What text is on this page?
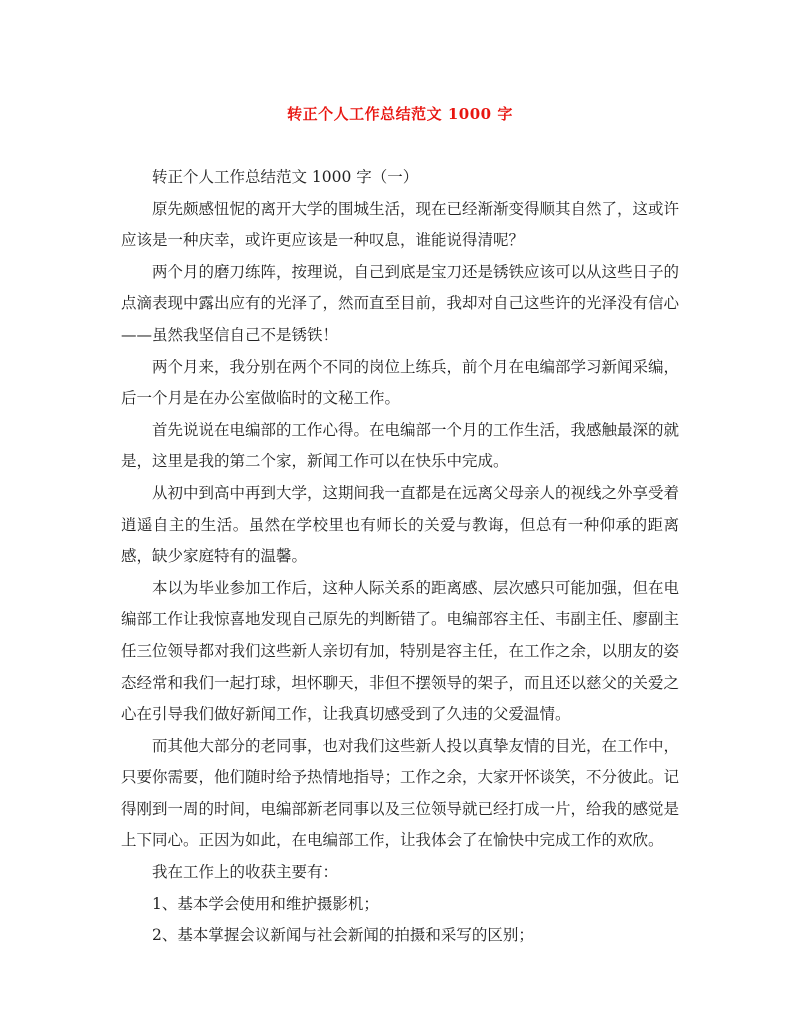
转正个人工作总结范文 1000 字

转正个人工作总结范文 1000 字（一）

原先颇感忸怩的离开大学的围城生活，现在已经渐渐变得顺其自然了，这或许应该是一种庆幸，或许更应该是一种叹息，谁能说得清呢？

两个月的磨刀练阵，按理说，自己到底是宝刀还是锈铁应该可以从这些日子的点滴表现中露出应有的光泽了，然而直至目前，我却对自己这些许的光泽没有信心——虽然我坚信自己不是锈铁！

两个月来，我分别在两个不同的岗位上练兵，前个月在电编部学习新闻采编，后一个月是在办公室做临时的文秘工作。

首先说说在电编部的工作心得。在电编部一个月的工作生活，我感触最深的就是，这里是我的第二个家，新闻工作可以在快乐中完成。

从初中到高中再到大学，这期间我一直都是在远离父母亲人的视线之外享受着逍遥自主的生活。虽然在学校里也有师长的关爱与教诲，但总有一种仰承的距离感，缺少家庭特有的温馨。

本以为毕业参加工作后，这种人际关系的距离感、层次感只可能加强，但在电编部工作让我惊喜地发现自己原先的判断错了。电编部容主任、韦副主任、廖副主任三位领导都对我们这些新人亲切有加，特别是容主任，在工作之余，以朋友的姿态经常和我们一起打球，坦怀聊天，非但不摆领导的架子，而且还以慈父的关爱之心在引导我们做好新闻工作，让我真切感受到了久违的父爱温情。

而其他大部分的老同事，也对我们这些新人投以真挚友情的目光，在工作中，只要你需要，他们随时给予热情地指导；工作之余，大家开怀谈笑，不分彼此。记得刚到一周的时间，电编部新老同事以及三位领导就已经打成一片，给我的感觉是上下同心。正因为如此，在电编部工作，让我体会了在愉快中完成工作的欢欣。

我在工作上的收获主要有：

1、基本学会使用和维护摄影机；

2、基本掌握会议新闻与社会新闻的拍摄和采写的区别；
